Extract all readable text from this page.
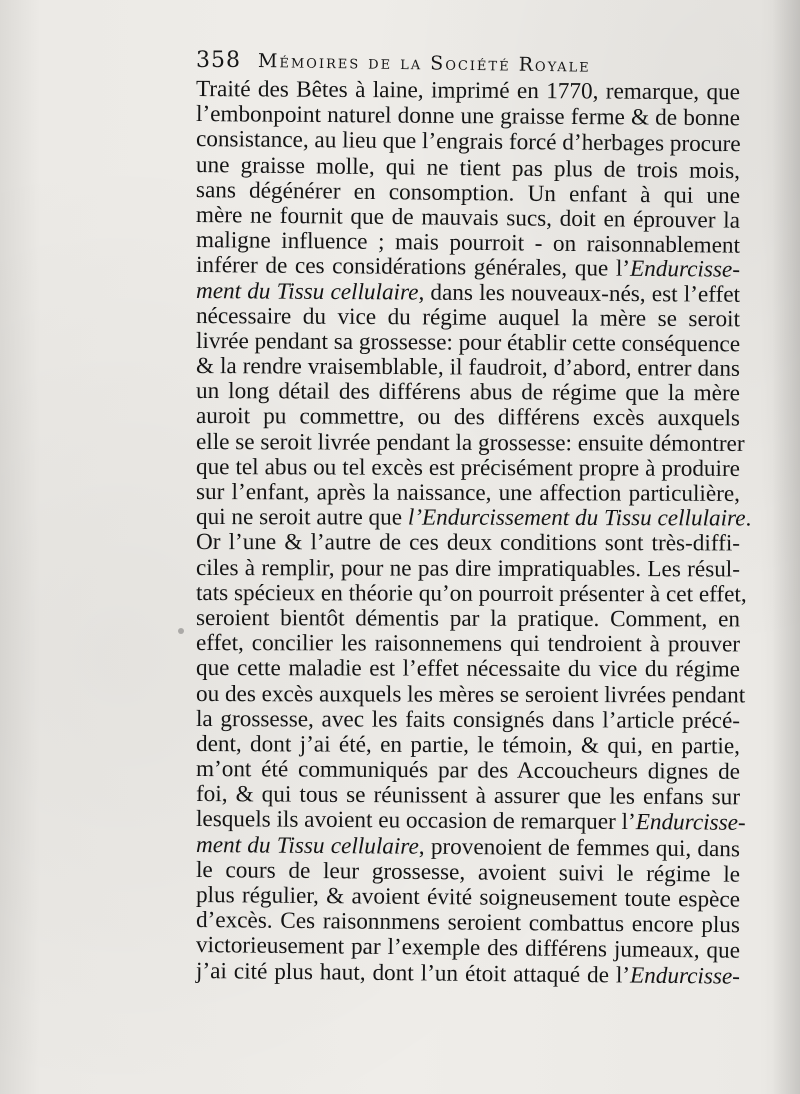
358 Mémoires de la Société Royale
Traité des Bêtes à laine, imprimé en 1770, remarque, que
l’embonpoint naturel donne une graisse ferme & de bonne
consistance, au lieu que l’engrais forcé d’herbages procure
une graisse molle, qui ne tient pas plus de trois mois,
sans dégénérer en consomption. Un enfant à qui une
mère ne fournit que de mauvais sucs, doit en éprouver la
maligne influence ; mais pourroit - on raisonnablement
inférer de ces considérations générales, que l’Endurcisse-
ment du Tissu cellulaire, dans les nouveaux-nés, est l’effet
nécessaire du vice du régime auquel la mère se seroit
livrée pendant sa grossesse: pour établir cette conséquence
& la rendre vraisemblable, il faudroit, d’abord, entrer dans
un long détail des différens abus de régime que la mère
auroit pu commettre, ou des différens excès auxquels
elle se seroit livrée pendant la grossesse: ensuite démontrer
que tel abus ou tel excès est précisément propre à produire
sur l’enfant, après la naissance, une affection particulière,
qui ne seroit autre que l’Endurcissement du Tissu cellulaire.
Or l’une & l’autre de ces deux conditions sont très-diffi-
ciles à remplir, pour ne pas dire impratiquables. Les résul-
tats spécieux en théorie qu’on pourroit présenter à cet effet,
seroient bientôt démentis par la pratique. Comment, en
effet, concilier les raisonnemens qui tendroient à prouver
que cette maladie est l’effet nécessaite du vice du régime
ou des excès auxquels les mères se seroient livrées pendant
la grossesse, avec les faits consignés dans l’article précé-
dent, dont j’ai été, en partie, le témoin, & qui, en partie,
m’ont été communiqués par des Accoucheurs dignes de
foi, & qui tous se réunissent à assurer que les enfans sur
lesquels ils avoient eu occasion de remarquer l’Endurcisse-
ment du Tissu cellulaire, provenoient de femmes qui, dans
le cours de leur grossesse, avoient suivi le régime le
plus régulier, & avoient évité soigneusement toute espèce
d’excès. Ces raisonnmens seroient combattus encore plus
victorieusement par l’exemple des différens jumeaux, que
j’ai cité plus haut, dont l’un étoit attaqué de l’Endurcisse-
